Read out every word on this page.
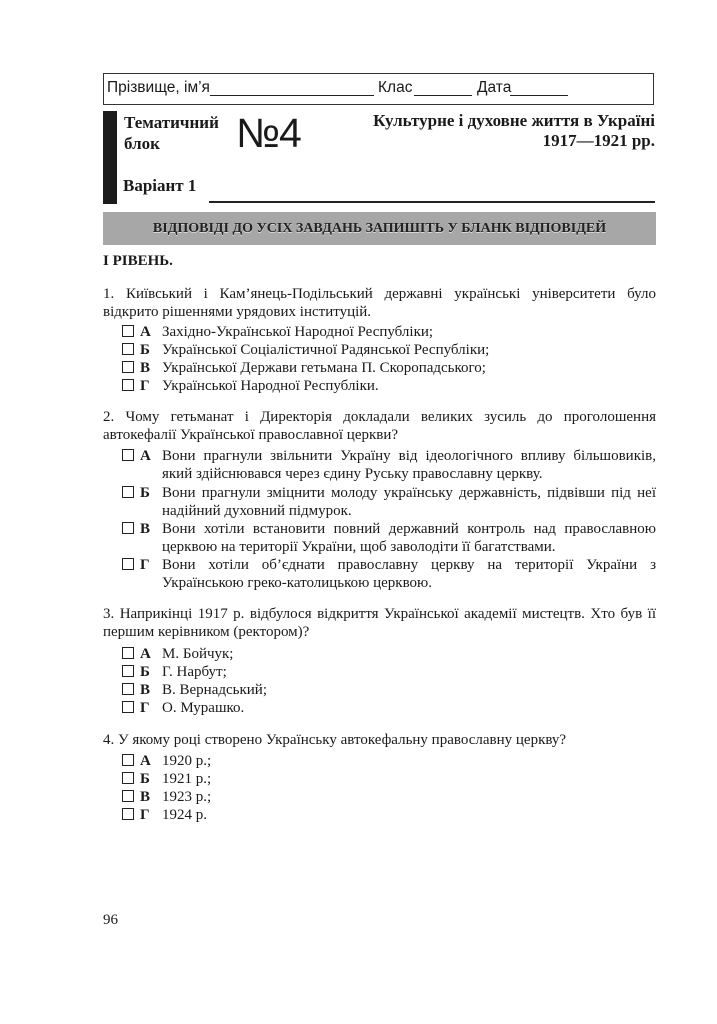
Прізвище, ім’я	Клас	Дата
Тематичний
блок	№4	Культурне і духовне життя в Україні
1917—1921 рр.
Варіант 1
ВІДПОВІДІ ДО УСІХ ЗАВДАНЬ ЗАПИШІТЬ У БЛАНК ВІДПОВІДЕЙ
І РІВЕНЬ.
1. Київський і Кам’янець-Подільський державні українські університети було відкрито рішеннями урядових інституцій.
А Західно-Української Народної Республіки;
Б Української Соціалістичної Радянської Республіки;
В Української Держави гетьмана П. Скоропадського;
Г Української Народної Республіки.
2. Чому гетьманат і Директорія докладали великих зусиль до проголошення автокефалії Української православної церкви?
А Вони прагнули звільнити Україну від ідеологічного впливу більшовиків, який здійснювався через єдину Руську православну церкву.
Б Вони прагнули зміцнити молоду українську державність, підвівши під неї надійний духовний підмурок.
В Вони хотіли встановити повний державний контроль над православною церквою на території України, щоб заволодіти її багатствами.
Г Вони хотіли об’єднати православну церкву на території України з Українською греко-католицькою церквою.
3. Наприкінці 1917 р. відбулося відкриття Української академії мистецтв. Хто був її першим керівником (ректором)?
А М. Бойчук;
Б Г. Нарбут;
В В. Вернадський;
Г О. Мурашко.
4. У якому році створено Українську автокефальну православну церкву?
А 1920 р.;
Б 1921 р.;
В 1923 р.;
Г 1924 р.
96
